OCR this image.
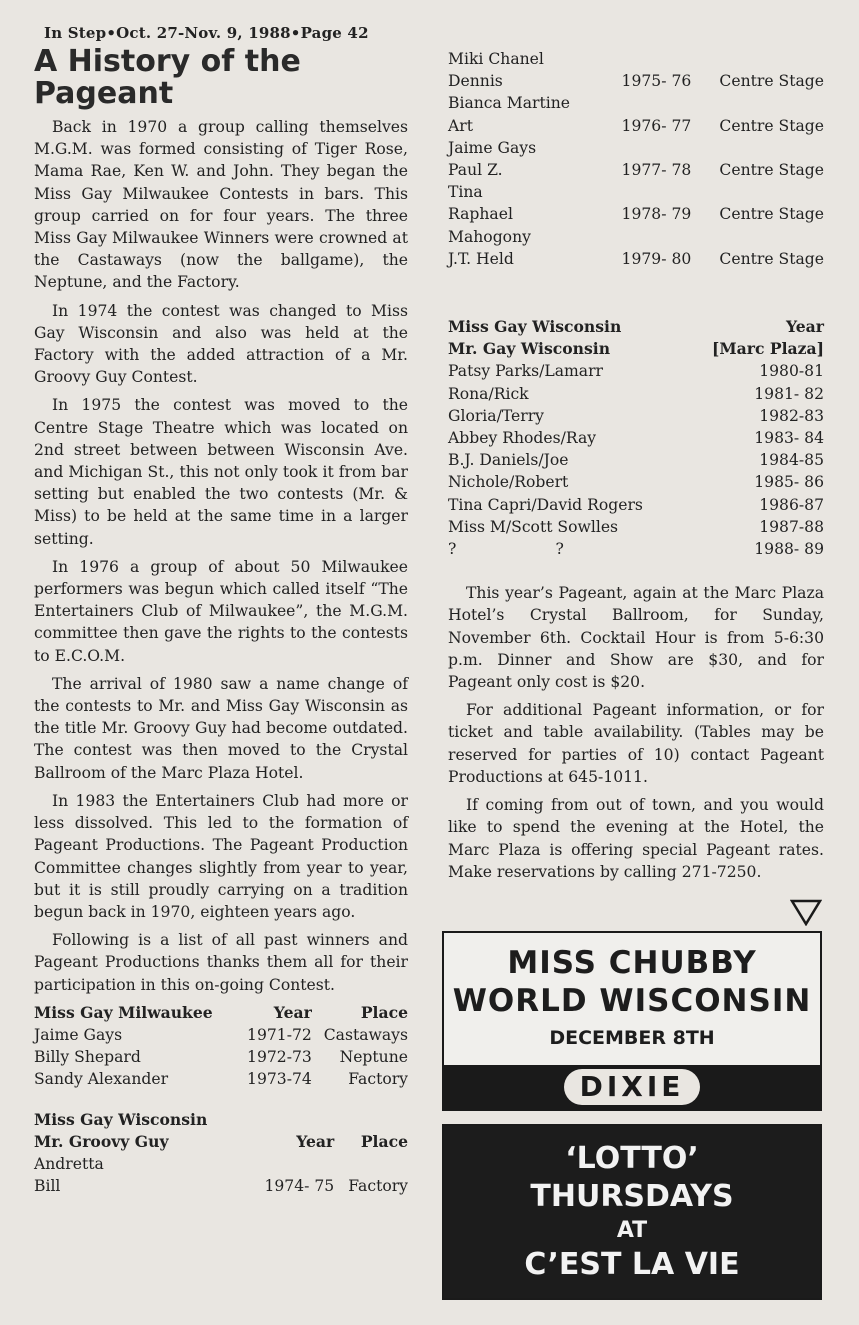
In Step•Oct. 27-Nov. 9, 1988•Page 42
A History of the Pageant

Back in 1970 a group calling themselves M.G.M. was formed consisting of Tiger Rose, Mama Rae, Ken W. and John. They began the Miss Gay Milwaukee Contests in bars. This group carried on for four years. The three Miss Gay Milwaukee Winners were crowned at the Castaways (now the ballgame), the Neptune, and the Factory.

In 1974 the contest was changed to Miss Gay Wisconsin and also was held at the Factory with the added attraction of a Mr. Groovy Guy Contest.

In 1975 the contest was moved to the Centre Stage Theatre which was located on 2nd street between between Wisconsin Ave. and Michigan St., this not only took it from bar setting but enabled the two contests (Mr. & Miss) to be held at the same time in a larger setting.

In 1976 a group of about 50 Milwaukee performers was begun which called itself “The Entertainers Club of Milwaukee”, the M.G.M. committee then gave the rights to the contests to E.C.O.M.

The arrival of 1980 saw a name change of the contests to Mr. and Miss Gay Wisconsin as the title Mr. Groovy Guy had become outdated. The contest was then moved to the Crystal Ballroom of the Marc Plaza Hotel.

In 1983 the Entertainers Club had more or less dissolved. This led to the formation of Pageant Productions. The Pageant Production Committee changes slightly from year to year, but it is still proudly carrying on a tradition begun back in 1970, eighteen years ago.

Following is a list of all past winners and Pageant Productions thanks them all for their participation in this on-going Contest.

Miss Gay Milwaukee	Year	Place
Jaime Gays	1971-72	Castaways
Billy Shepard	1972-73	Neptune
Sandy Alexander	1973-74	Factory
Miss Gay Wisconsin		
Mr. Groovy Guy	Year	Place
Andretta		
Bill	1974- 75	Factory
Miki Chanel		
Dennis	1975- 76	Centre Stage
Bianca Martine		
Art	1976- 77	Centre Stage
Jaime Gays		
Paul Z.	1977- 78	Centre Stage
Tina		
Raphael	1978- 79	Centre Stage
Mahogony		
J.T. Held	1979- 80	Centre Stage
Miss Gay Wisconsin	Year
Mr. Gay Wisconsin	[Marc Plaza]
Patsy Parks/Lamarr	1980-81
Rona/Rick	1981- 82
Gloria/Terry	1982-83
Abbey Rhodes/Ray	1983- 84
B.J. Daniels/Joe	1984-85
Nichole/Robert	1985- 86
Tina Capri/David Rogers	1986-87
Miss M/Scott Sowlles	1987-88
?                    ?	1988- 89

This year’s Pageant, again at the Marc Plaza Hotel’s Crystal Ballroom, for Sunday, November 6th. Cocktail Hour is from 5-6:30 p.m. Dinner and Show are $30, and for Pageant only cost is $20.

For additional Pageant information, or for ticket and table availability. (Tables may be reserved for parties of 10) contact Pageant Productions at 645-1011.

If coming from out of town, and you would like to spend the evening at the Hotel, the Marc Plaza is offering special Pageant rates. Make reservations by calling 271-7250.

MISS CHUBBY
WORLD WISCONSIN
DECEMBER 8TH
DIXIE
‘LOTTO’
THURSDAYS
AT
C’EST LA VIE
